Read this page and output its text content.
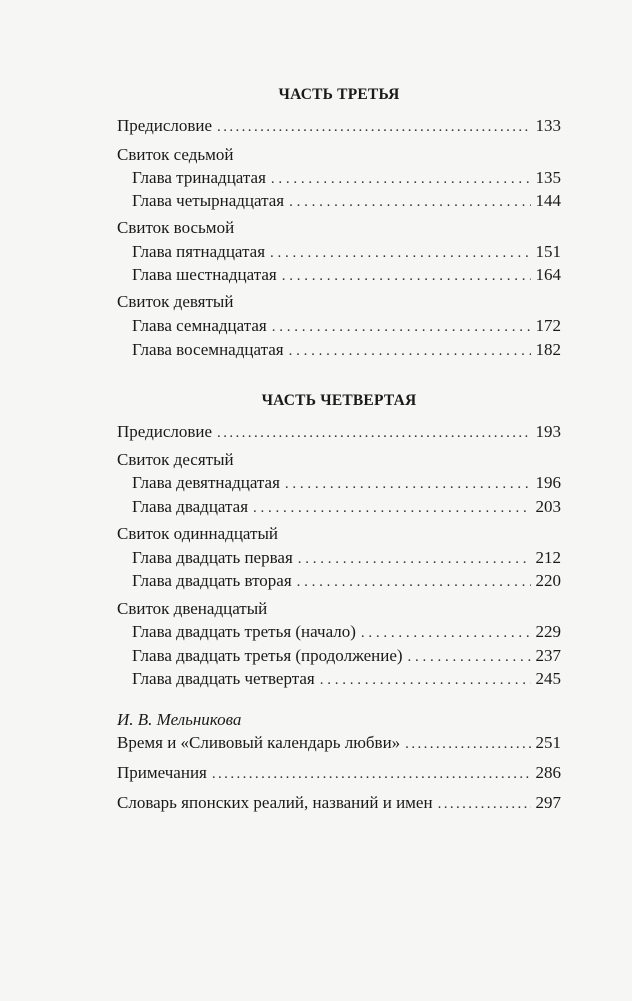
ЧАСТЬ ТРЕТЬЯ
Предисловие .....	133
Свиток седьмой
Глава тринадцатая . . .	135
Глава четырнадцатая . . .	144
Свиток восьмой
Глава пятнадцатая . . .	151
Глава шестнадцатая . . .	164
Свиток девятый
Глава семнадцатая . . .	172
Глава восемнадцатая . . .	182
ЧАСТЬ ЧЕТВЕРТАЯ
Предисловие .....	193
Свиток десятый
Глава девятнадцатая . . .	196
Глава двадцатая . . .	203
Свиток одиннадцатый
Глава двадцать первая . . .	212
Глава двадцать вторая . . .	220
Свиток двенадцатый
Глава двадцать третья (начало) . . .	229
Глава двадцать третья (продолжение) . . .	237
Глава двадцать четвертая . . .	245
И. В. Мельникова
Время и «Сливовый календарь любви» .....	251
Примечания .....	286
Словарь японских реалий, названий и имен .....	297
